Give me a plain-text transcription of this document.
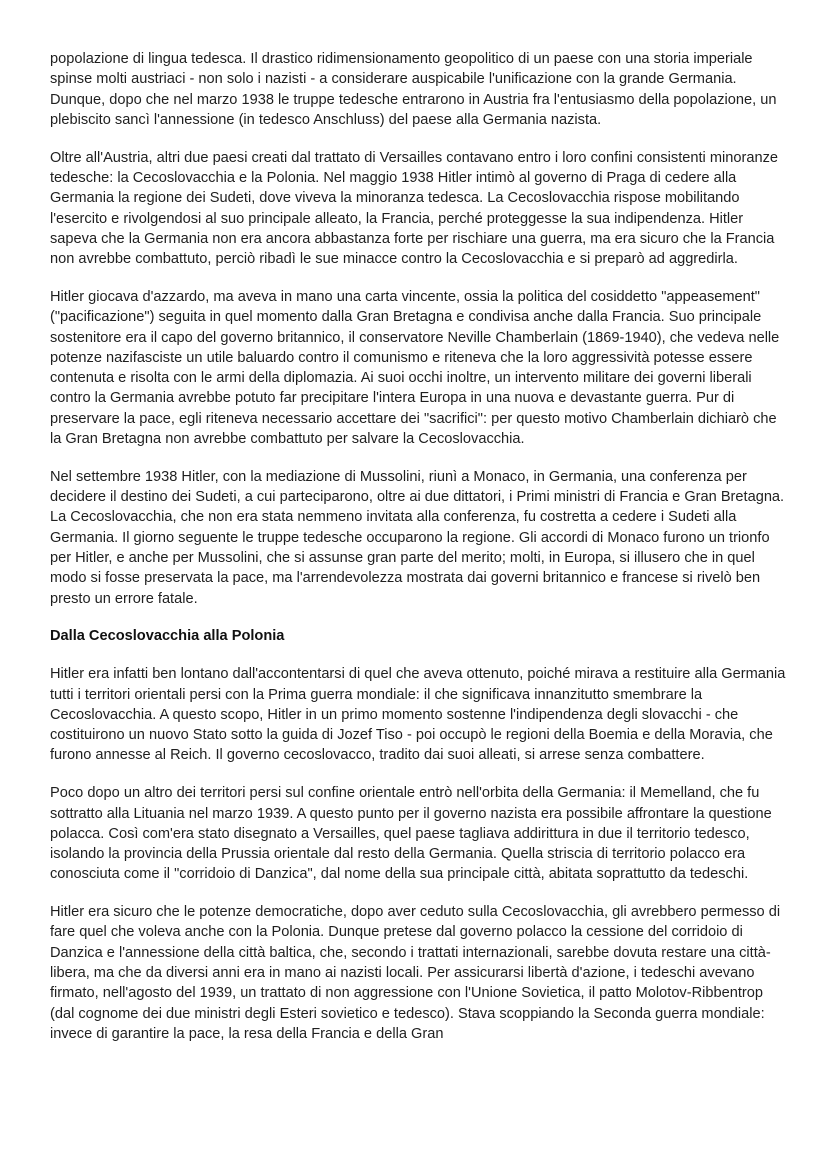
popolazione di lingua tedesca. Il drastico ridimensionamento geopolitico di un paese con una storia imperiale spinse molti austriaci - non solo i nazisti - a considerare auspicabile l'unificazione con la grande Germania. Dunque, dopo che nel marzo 1938 le truppe tedesche entrarono in Austria fra l'entusiasmo della popolazione, un plebiscito sancì l'annessione (in tedesco Anschluss) del paese alla Germania nazista.

Oltre all'Austria, altri due paesi creati dal trattato di Versailles contavano entro i loro confini consistenti minoranze tedesche: la Cecoslovacchia e la Polonia. Nel maggio 1938 Hitler intimò al governo di Praga di cedere alla Germania la regione dei Sudeti, dove viveva la minoranza tedesca. La Cecoslovacchia rispose mobilitando l'esercito e rivolgendosi al suo principale alleato, la Francia, perché proteggesse la sua indipendenza. Hitler sapeva che la Germania non era ancora abbastanza forte per rischiare una guerra, ma era sicuro che la Francia non avrebbe combattuto, perciò ribadì le sue minacce contro la Cecoslovacchia e si preparò ad aggredirla.

Hitler giocava d'azzardo, ma aveva in mano una carta vincente, ossia la politica del cosiddetto "appeasement" ("pacificazione") seguita in quel momento dalla Gran Bretagna e condivisa anche dalla Francia. Suo principale sostenitore era il capo del governo britannico, il conservatore Neville Chamberlain (1869-1940), che vedeva nelle potenze nazifasciste un utile baluardo contro il comunismo e riteneva che la loro aggressività potesse essere contenuta e risolta con le armi della diplomazia. Ai suoi occhi inoltre, un intervento militare dei governi liberali contro la Germania avrebbe potuto far precipitare l'intera Europa in una nuova e devastante guerra. Pur di preservare la pace, egli riteneva necessario accettare dei "sacrifici": per questo motivo Chamberlain dichiarò che la Gran Bretagna non avrebbe combattuto per salvare la Cecoslovacchia.

Nel settembre 1938 Hitler, con la mediazione di Mussolini, riunì a Monaco, in Germania, una conferenza per decidere il destino dei Sudeti, a cui parteciparono, oltre ai due dittatori, i Primi ministri di Francia e Gran Bretagna. La Cecoslovacchia, che non era stata nemmeno invitata alla conferenza, fu costretta a cedere i Sudeti alla Germania. Il giorno seguente le truppe tedesche occuparono la regione. Gli accordi di Monaco furono un trionfo per Hitler, e anche per Mussolini, che si assunse gran parte del merito; molti, in Europa, si illusero che in quel modo si fosse preservata la pace, ma l'arrendevolezza mostrata dai governi britannico e francese si rivelò ben presto un errore fatale.

Dalla Cecoslovacchia alla Polonia

Hitler era infatti ben lontano dall'accontentarsi di quel che aveva ottenuto, poiché mirava a restituire alla Germania tutti i territori orientali persi con la Prima guerra mondiale: il che significava innanzitutto smembrare la Cecoslovacchia. A questo scopo, Hitler in un primo momento sostenne l'indipendenza degli slovacchi - che costituirono un nuovo Stato sotto la guida di Jozef Tiso - poi occupò le regioni della Boemia e della Moravia, che furono annesse al Reich. Il governo cecoslovacco, tradito dai suoi alleati, si arrese senza combattere.

Poco dopo un altro dei territori persi sul confine orientale entrò nell'orbita della Germania: il Memelland, che fu sottratto alla Lituania nel marzo 1939. A questo punto per il governo nazista era possibile affrontare la questione polacca. Così com'era stato disegnato a Versailles, quel paese tagliava addirittura in due il territorio tedesco, isolando la provincia della Prussia orientale dal resto della Germania. Quella striscia di territorio polacco era conosciuta come il "corridoio di Danzica", dal nome della sua principale città, abitata soprattutto da tedeschi.

Hitler era sicuro che le potenze democratiche, dopo aver ceduto sulla Cecoslovacchia, gli avrebbero permesso di fare quel che voleva anche con la Polonia. Dunque pretese dal governo polacco la cessione del corridoio di Danzica e l'annessione della città baltica, che, secondo i trattati internazionali, sarebbe dovuta restare una città-libera, ma che da diversi anni era in mano ai nazisti locali. Per assicurarsi libertà d'azione, i tedeschi avevano firmato, nell'agosto del 1939, un trattato di non aggressione con l'Unione Sovietica, il patto Molotov-Ribbentrop (dal cognome dei due ministri degli Esteri sovietico e tedesco). Stava scoppiando la Seconda guerra mondiale: invece di garantire la pace, la resa della Francia e della Gran
